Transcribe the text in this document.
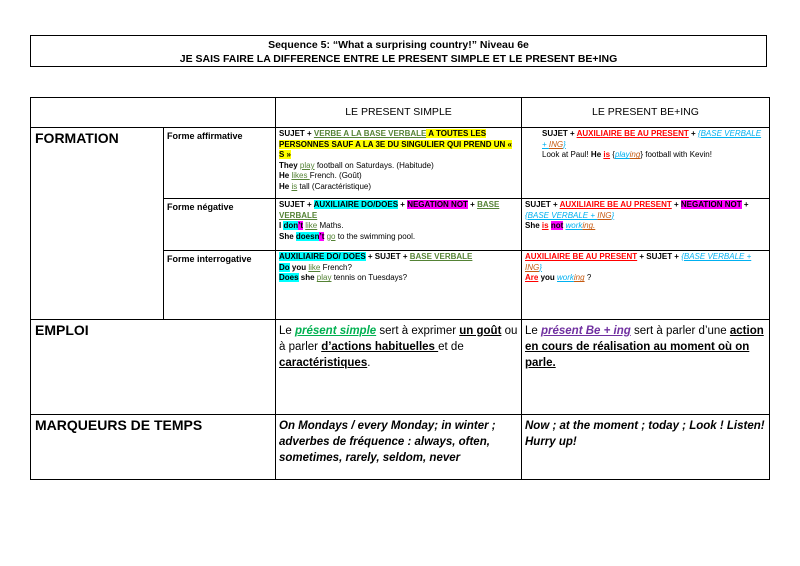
Sequence 5: “What a surprising country!” Niveau 6e
JE SAIS FAIRE LA DIFFERENCE ENTRE LE PRESENT SIMPLE ET LE PRESENT BE+ING
		LE PRESENT SIMPLE	LE PRESENT BE+ING
FORMATION	Forme affirmative	SUJET + VERBE A LA BASE VERBALE A TOUTES LES PERSONNES SAUF A LA 3E DU SINGULIER QUI PREND UN « S »
They play football on Saturdays. (Habitude)
He likes French. (Goût)
He is tall (Caractéristique)	SUJET + AUXILIAIRE BE AU PRESENT + {BASE VERBALE + ING}
Look at Paul! He is {playing} football with Kevin!

	Forme négative	SUJET + AUXILIAIRE DO/DOES + NEGATION NOT + BASE VERBALE
I don’t like Maths.
She doesn’t go to the swimming pool.	SUJET + AUXILIAIRE BE AU PRESENT + NEGATION NOT + {BASE VERBALE + ING}
She is not working.

	Forme interrogative	AUXILIAIRE DO/ DOES + SUJET + BASE VERBALE
Do you like French?
Does she play tennis on Tuesdays?	AUXILIAIRE BE AU PRESENT + SUJET + {BASE VERBALE + ING}
Are you working ?

EMPLOI		Le présent simple sert à exprimer un goût ou à parler d’actions habituelles et de caractéristiques.	Le présent Be + ing sert à parler d’une action en cours de réalisation au moment où on parle.

MARQUEURS DE TEMPS		On Mondays / every Monday; in winter ; adverbes de fréquence : always, often, sometimes, rarely, seldom, never	Now ; at the moment ; today ; Look ! Listen! Hurry up!
